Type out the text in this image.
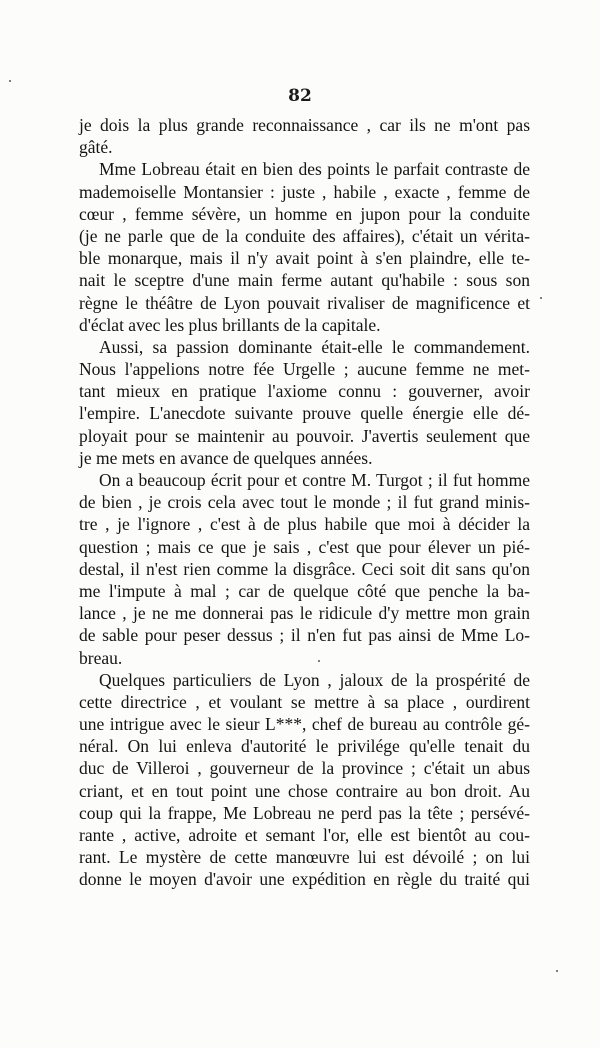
82
je dois la plus grande reconnaissance , car ils ne m'ont pas
gâté.
Mme Lobreau était en bien des points le parfait contraste de
mademoiselle Montansier : juste , habile , exacte , femme de
cœur , femme sévère, un homme en jupon pour la conduite
(je ne parle que de la conduite des affaires), c'était un vérita-
ble monarque, mais il n'y avait point à s'en plaindre, elle te-
nait le sceptre d'une main ferme autant qu'habile : sous son
règne le théâtre de Lyon pouvait rivaliser de magnificence et
d'éclat avec les plus brillants de la capitale.
Aussi, sa passion dominante était-elle le commandement.
Nous l'appelions notre fée Urgelle ; aucune femme ne met-
tant mieux en pratique l'axiome connu : gouverner, avoir
l'empire. L'anecdote suivante prouve quelle énergie elle dé-
ployait pour se maintenir au pouvoir. J'avertis seulement que
je me mets en avance de quelques années.
On a beaucoup écrit pour et contre M. Turgot ; il fut homme
de bien , je crois cela avec tout le monde ; il fut grand minis-
tre , je l'ignore , c'est à de plus habile que moi à décider la
question ; mais ce que je sais , c'est que pour élever un pié-
destal, il n'est rien comme la disgrâce. Ceci soit dit sans qu'on
me l'impute à mal ; car de quelque côté que penche la ba-
lance , je ne me donnerai pas le ridicule d'y mettre mon grain
de sable pour peser dessus ; il n'en fut pas ainsi de Mme Lo-
breau.
Quelques particuliers de Lyon , jaloux de la prospérité de
cette directrice , et voulant se mettre à sa place , ourdirent
une intrigue avec le sieur L***, chef de bureau au contrôle gé-
néral. On lui enleva d'autorité le privilége qu'elle tenait du
duc de Villeroi , gouverneur de la province ; c'était un abus
criant, et en tout point une chose contraire au bon droit. Au
coup qui la frappe, Me Lobreau ne perd pas la tête ; persévé-
rante , active, adroite et semant l'or, elle est bientôt au cou-
rant. Le mystère de cette manœuvre lui est dévoilé ; on lui
donne le moyen d'avoir une expédition en règle du traité qui
